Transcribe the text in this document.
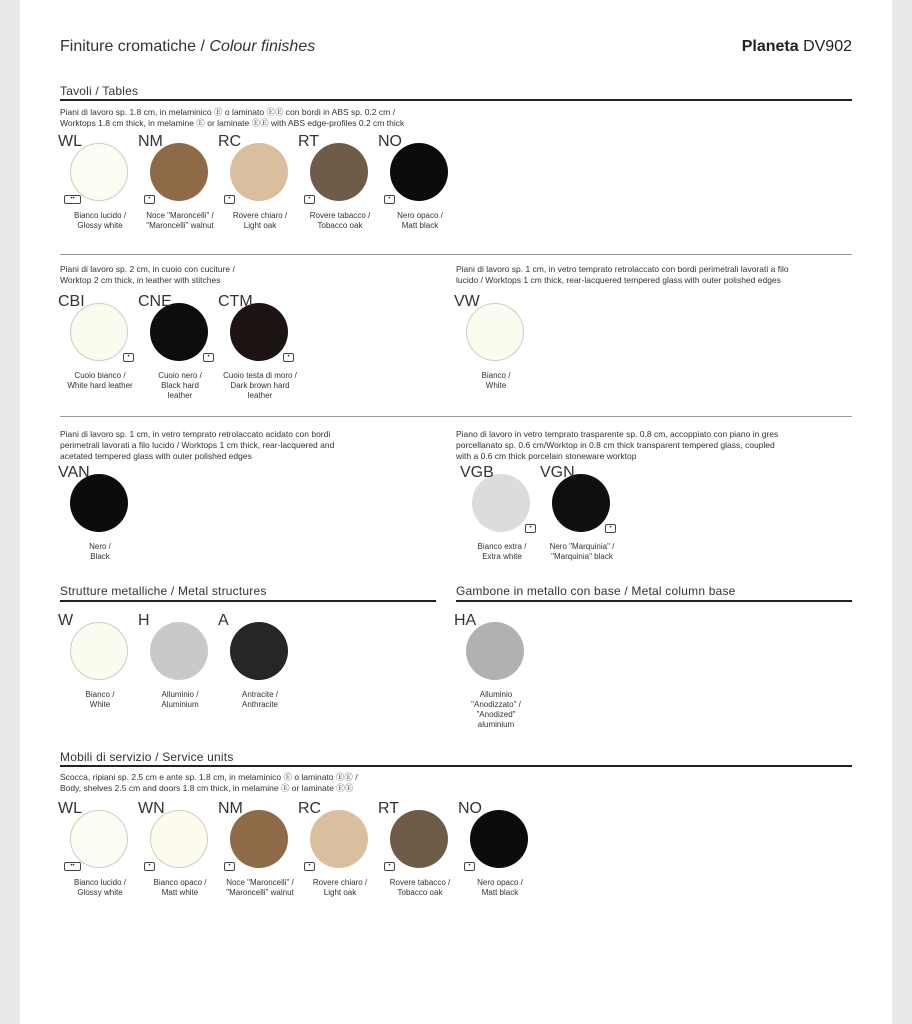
Finiture cromatiche / Colour finishes	Planeta DV902
Tavoli / Tables
Piani di lavoro sp. 1.8 cm, in melaminico Ⓔ o laminato ⒺⒺ con bordi in ABS sp. 0.2 cm /
Worktops 1.8 cm thick, in melamine Ⓔ or laminate ⒺⒺ with ABS edge-profiles 0.2 cm thick
WL
••
Bianco lucido /
Glossy white
NM
•
Noce "Maroncelli" /
"Maroncelli" walnut
RC
•
Rovere chiaro /
Light oak
RT
•
Rovere tabacco /
Tobacco oak
NO
•
Nero opaco /
Matt black
Piani di lavoro sp. 2 cm, in cuoio con cuciture /
Worktop 2 cm thick, in leather with stitches
CBI
•
Cuoio bianco /
White hard leather
CNE
•
Cuoio nero /
Black hard
leather
CTM
•
Cuoio testa di moro /
Dark brown hard
leather
Piani di lavoro sp. 1 cm, in vetro temprato retrolaccato con bordi perimetrali lavorati a filo
lucido / Worktops 1 cm thick, rear-lacquered tempered glass with outer polished edges
VW
Bianco /
White
Piani di lavoro sp. 1 cm, in vetro temprato retrolaccato acidato con bordi
perimetrali lavorati a filo lucido / Worktops 1 cm thick, rear-lacquered and
acetated tempered glass with outer polished edges
VAN
Nero /
Black
Piano di lavoro in vetro temprato trasparente sp. 0.8 cm, accoppiato con piano in gres
porcellanato sp. 0.6 cm/Worktop in 0.8 cm thick transparent tempered glass, coupled
with a 0.6 cm thick porcelain stoneware worktop
VGB
•
Bianco extra /
Extra white
VGN
•
Nero "Marquinia" /
"Marquinia" black
Strutture metalliche / Metal structures
W
Bianco /
White
H
Alluminio /
Aluminium
A
Antracite /
Anthracite
Gambone in metallo con base / Metal column base
HA
Alluminio
"Anodizzato" /
"Anodized"
aluminium
Mobili di servizio / Service units
Scocca, ripiani sp. 2.5 cm e ante sp. 1.8 cm, in melaminico Ⓔ o laminato ⒺⒺ /
Body, shelves 2.5 cm and doors 1.8 cm thick, in melamine Ⓔ or laminate ⒺⒺ
WL
••
Bianco lucido /
Glossy white
WN
•
Bianco opaco /
Matt white
NM
•
Noce "Maroncelli" /
"Maroncelli" walnut
RC
•
Rovere chiaro /
Light oak
RT
•
Rovere tabacco /
Tobacco oak
NO
•
Nero opaco /
Matt black
